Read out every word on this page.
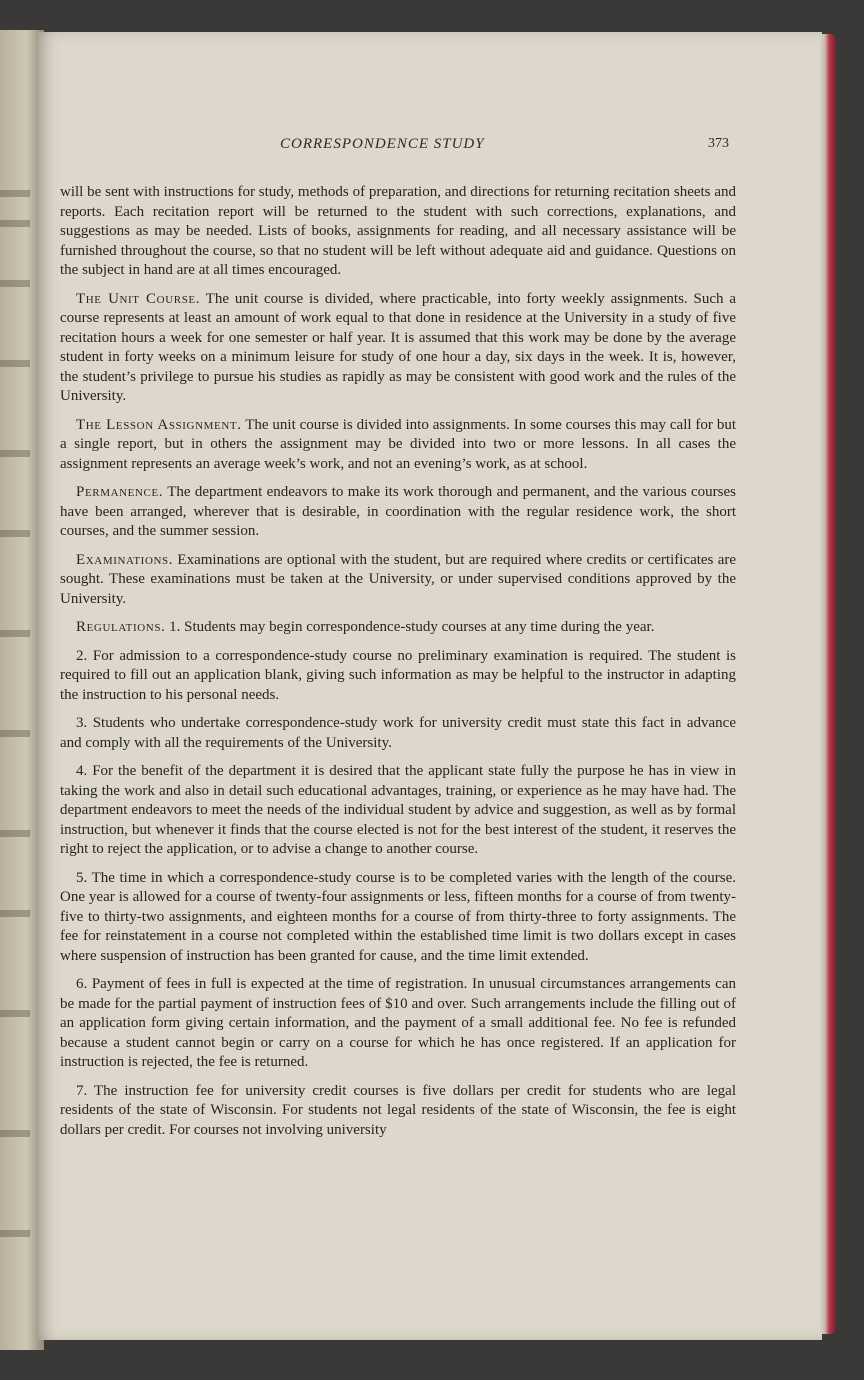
CORRESPONDENCE STUDY	373

will be sent with instructions for study, methods of preparation, and directions for returning recitation sheets and reports. Each recitation report will be returned to the student with such corrections, explanations, and suggestions as may be needed. Lists of books, assignments for reading, and all necessary assistance will be furnished throughout the course, so that no student will be left without adequate aid and guidance. Questions on the subject in hand are at all times encouraged.

The Unit Course. The unit course is divided, where practicable, into forty weekly assignments. Such a course represents at least an amount of work equal to that done in residence at the University in a study of five recitation hours a week for one semester or half year. It is assumed that this work may be done by the average student in forty weeks on a minimum leisure for study of one hour a day, six days in the week. It is, however, the student’s privilege to pursue his studies as rapidly as may be consistent with good work and the rules of the University.

The Lesson Assignment. The unit course is divided into assignments. In some courses this may call for but a single report, but in others the assignment may be divided into two or more lessons. In all cases the assignment represents an average week’s work, and not an evening’s work, as at school.

Permanence. The department endeavors to make its work thorough and permanent, and the various courses have been arranged, wherever that is desirable, in coordination with the regular residence work, the short courses, and the summer session.

Examinations. Examinations are optional with the student, but are required where credits or certificates are sought. These examinations must be taken at the University, or under supervised conditions approved by the University.

Regulations. 1. Students may begin correspondence-study courses at any time during the year.

2. For admission to a correspondence-study course no preliminary examination is required. The student is required to fill out an application blank, giving such information as may be helpful to the instructor in adapting the instruction to his personal needs.

3. Students who undertake correspondence-study work for university credit must state this fact in advance and comply with all the requirements of the University.

4. For the benefit of the department it is desired that the applicant state fully the purpose he has in view in taking the work and also in detail such educational advantages, training, or experience as he may have had. The department endeavors to meet the needs of the individual student by advice and suggestion, as well as by formal instruction, but whenever it finds that the course elected is not for the best interest of the student, it reserves the right to reject the application, or to advise a change to another course.

5. The time in which a correspondence-study course is to be completed varies with the length of the course. One year is allowed for a course of twenty-four assignments or less, fifteen months for a course of from twenty-five to thirty-two assignments, and eighteen months for a course of from thirty-three to forty assignments. The fee for reinstatement in a course not completed within the established time limit is two dollars except in cases where suspension of instruction has been granted for cause, and the time limit extended.

6. Payment of fees in full is expected at the time of registration. In unusual circumstances arrangements can be made for the partial payment of instruction fees of $10 and over. Such arrangements include the filling out of an application form giving certain information, and the payment of a small additional fee. No fee is refunded because a student cannot begin or carry on a course for which he has once registered. If an application for instruction is rejected, the fee is returned.

7. The instruction fee for university credit courses is five dollars per credit for students who are legal residents of the state of Wisconsin. For students not legal residents of the state of Wisconsin, the fee is eight dollars per credit. For courses not involving university
